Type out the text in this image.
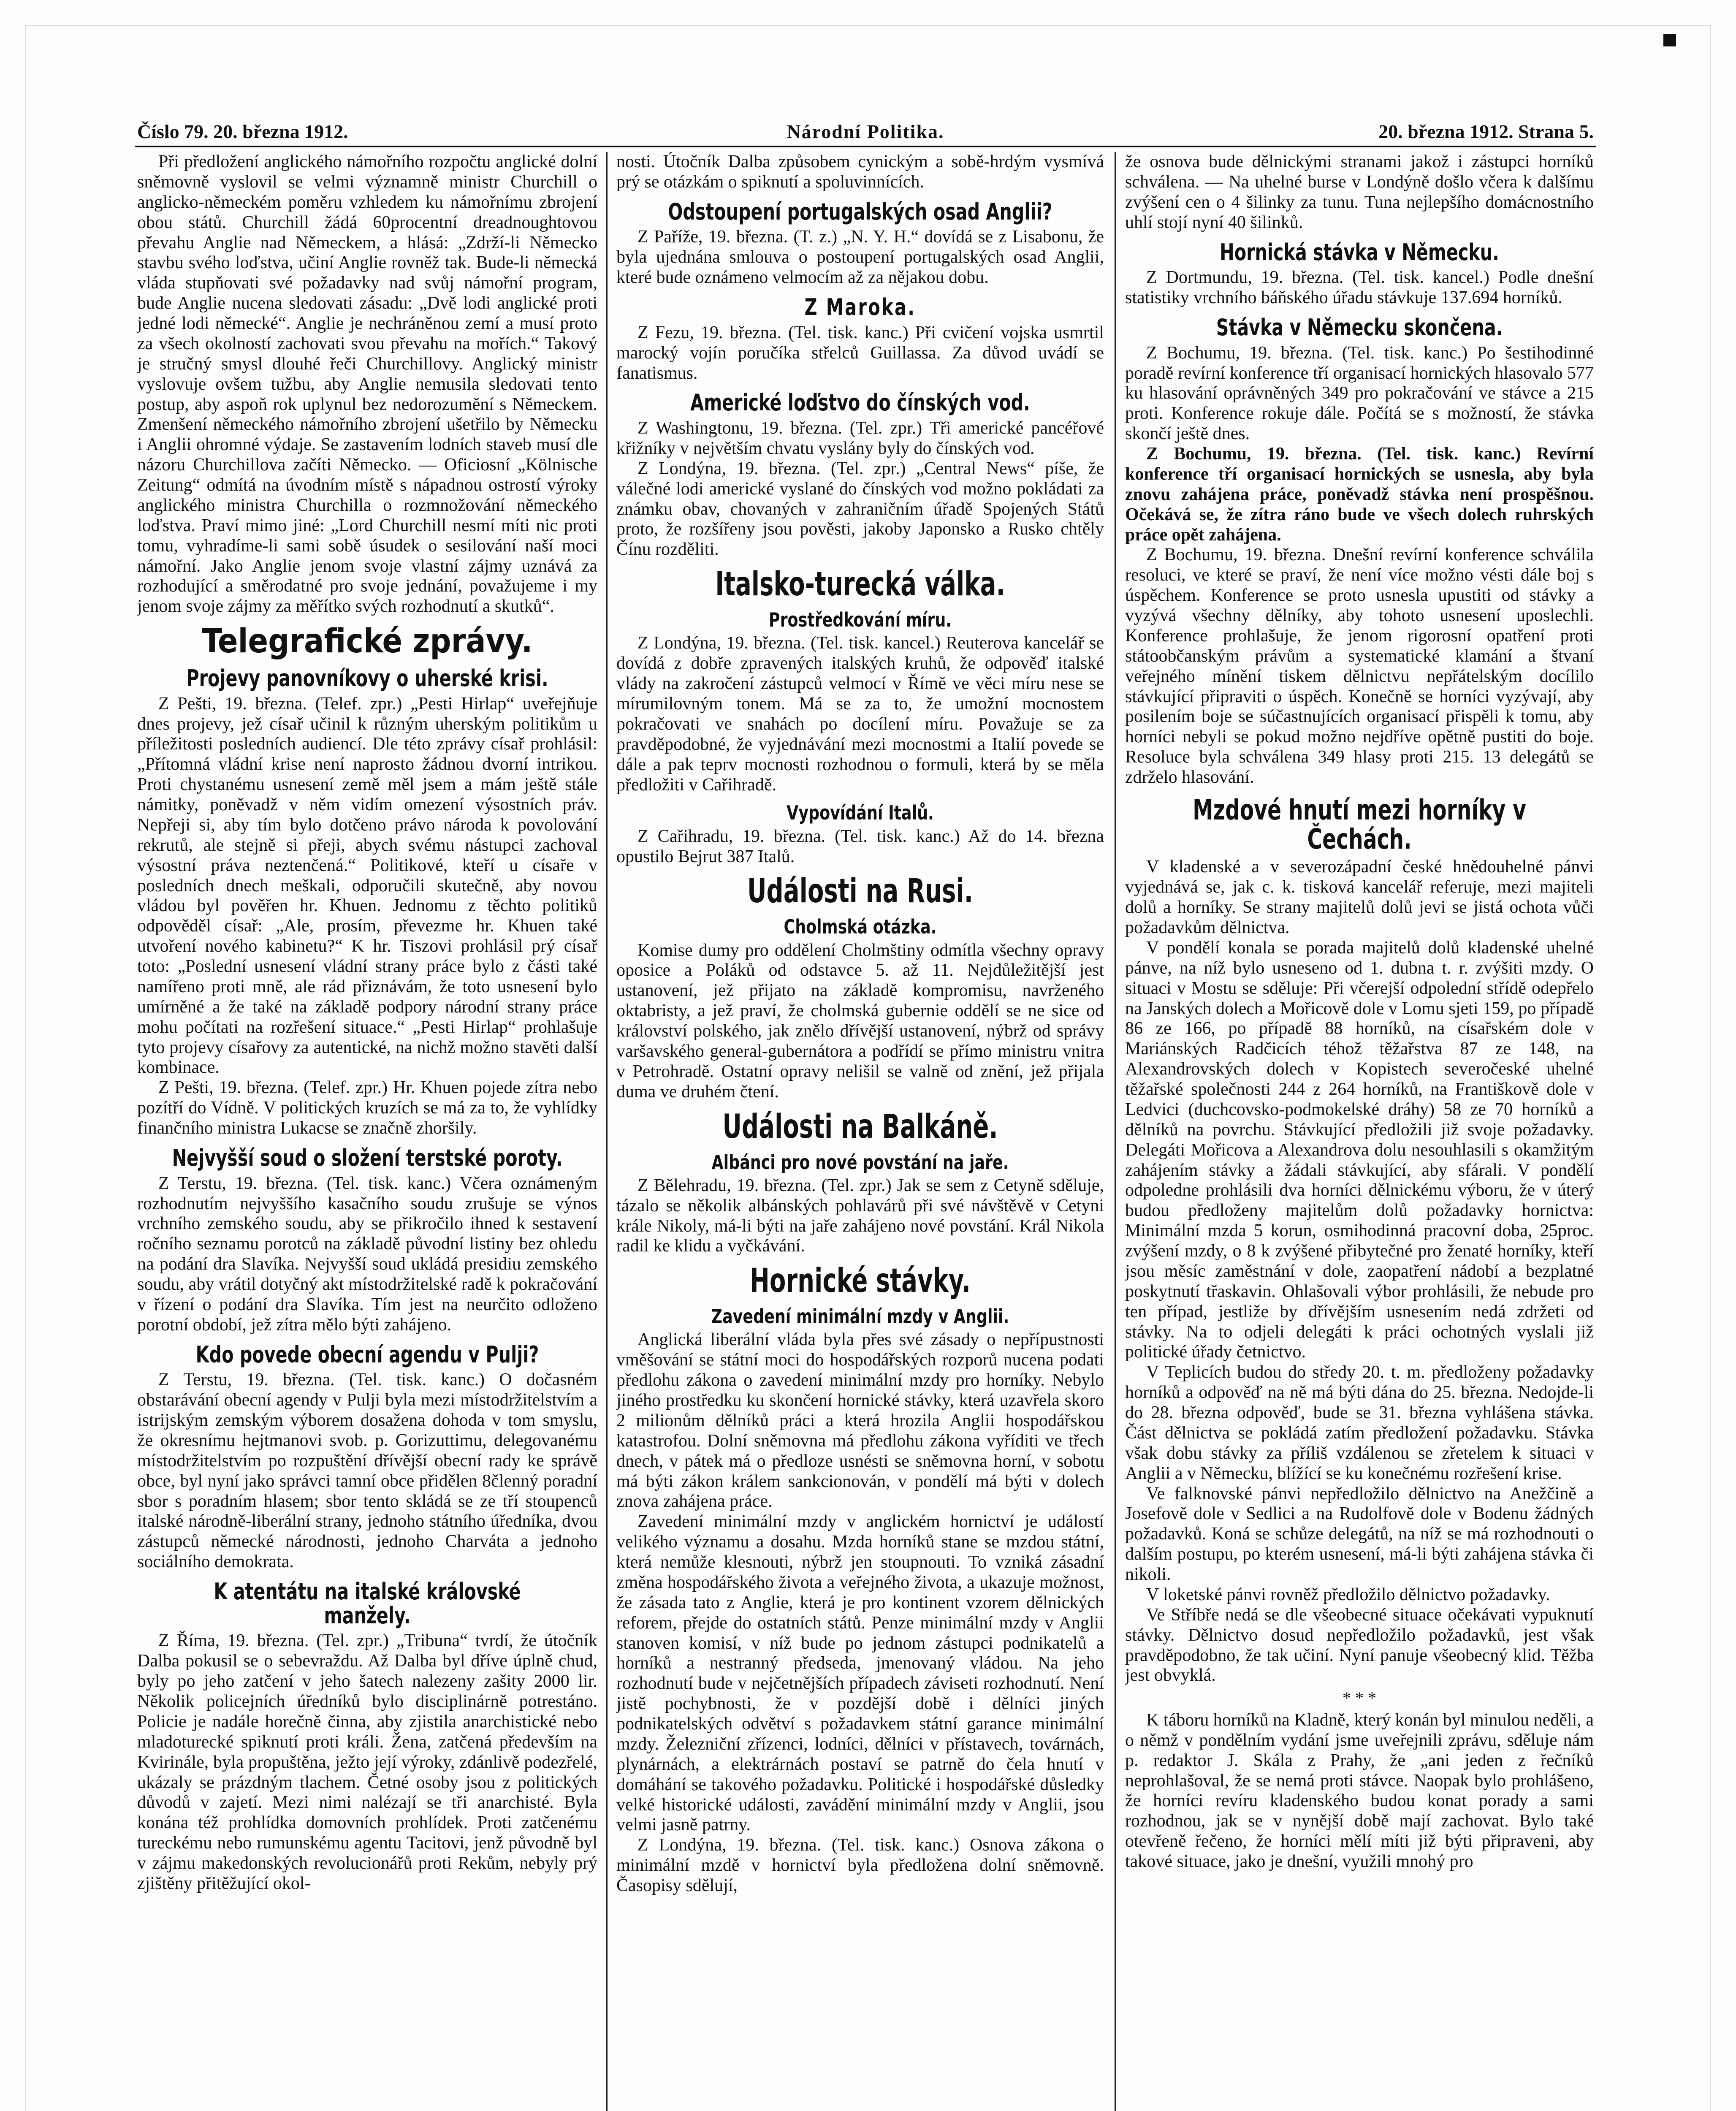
Číslo 79. 20. března 1912.	Národní Politika.	20. března 1912. Strana 5.

Při předložení anglického námořního rozpočtu anglické dolní sněmovně vyslovil se velmi významně ministr Churchill o anglicko-německém poměru vzhledem ku námořnímu zbrojení obou států. Churchill žádá 60procentní dreadnoughtovou převahu Anglie nad Německem, a hlásá: „Zdrží-li Německo stavbu svého loďstva, učiní Anglie rovněž tak. Bude-li německá vláda stupňovati své požadavky nad svůj námořní program, bude Anglie nucena sledovati zásadu: „Dvě lodi anglické proti jedné lodi německé“. Anglie je nechráněnou zemí a musí proto za všech okolností zachovati svou převahu na mořích.“ Takový je stručný smysl dlouhé řeči Churchillovy. Anglický ministr vyslovuje ovšem tužbu, aby Anglie nemusila sledovati tento postup, aby aspoň rok uplynul bez nedorozumění s Německem. Zmenšení německého námořního zbrojení ušetřilo by Německu i Anglii ohromné výdaje. Se zastavením lodních staveb musí dle názoru Churchillova začíti Německo. — Oficiosní „Kölnische Zeitung“ odmítá na úvodním místě s nápadnou ostrostí výroky anglického ministra Churchilla o rozmnožování německého loďstva. Praví mimo jiné: „Lord Churchill nesmí míti nic proti tomu, vyhradíme-li sami sobě úsudek o sesilování naší moci námořní. Jako Anglie jenom svoje vlastní zájmy uznává za rozhodující a směrodatné pro svoje jednání, považujeme i my jenom svoje zájmy za měřítko svých rozhodnutí a skutků“.

Telegrafické zprávy.
Projevy panovníkovy o uherské krisi.

Z Pešti, 19. března. (Telef. zpr.) „Pesti Hirlap“ uveřejňuje dnes projevy, jež císař učinil k různým uherským politikům u příležitosti posledních audiencí. Dle této zprávy císař prohlásil: „Přítomná vládní krise není naprosto žádnou dvorní intrikou. Proti chystanému usnesení země měl jsem a mám ještě stále námitky, poněvadž v něm vidím omezení výsostních práv. Nepřeji si, aby tím bylo dotčeno právo národa k povolování rekrutů, ale stejně si přeji, abych svému nástupci zachoval výsostní práva neztenčená.“ Politikové, kteří u císaře v posledních dnech meškali, odporučili skutečně, aby novou vládou byl pověřen hr. Khuen. Jednomu z těchto politiků odpověděl císař: „Ale, prosím, převezme hr. Khuen také utvoření nového kabinetu?“ K hr. Tiszovi prohlásil prý císař toto: „Poslední usnesení vládní strany práce bylo z části také namířeno proti mně, ale rád přiznávám, že toto usnesení bylo umírněné a že také na základě podpory národní strany práce mohu počítati na rozřešení situace.“ „Pesti Hirlap“ prohlašuje tyto projevy císařovy za autentické, na nichž možno stavěti další kombinace.

Z Pešti, 19. března. (Telef. zpr.) Hr. Khuen pojede zítra nebo pozítří do Vídně. V politických kruzích se má za to, že vyhlídky finančního ministra Lukacse se značně zhoršily.

Nejvyšší soud o složení terstské poroty.

Z Terstu, 19. března. (Tel. tisk. kanc.) Včera oznámeným rozhodnutím nejvyššího kasačního soudu zrušuje se výnos vrchního zemského soudu, aby se přikročilo ihned k sestavení ročního seznamu porotců na základě původní listiny bez ohledu na podání dra Slavíka. Nejvyšší soud ukládá presidiu zemského soudu, aby vrátil dotyčný akt místodržitelské radě k pokračování v řízení o podání dra Slavíka. Tím jest na neurčito odloženo porotní období, jež zítra mělo býti zahájeno.

Kdo povede obecní agendu v Pulji?

Z Terstu, 19. března. (Tel. tisk. kanc.) O dočasném obstarávání obecní agendy v Pulji byla mezi místodržitelstvím a istrijským zemským výborem dosažena dohoda v tom smyslu, že okresnímu hejtmanovi svob. p. Gorizuttimu, delegovanému místodržitelstvím po rozpuštění dřívější obecní rady ke správě obce, byl nyní jako správci tamní obce přidělen 8členný poradní sbor s poradním hlasem; sbor tento skládá se ze tří stoupenců italské národně-liberální strany, jednoho státního úředníka, dvou zástupců německé národnosti, jednoho Charváta a jednoho sociálního demokrata.

K atentátu na italské královské manžely.

Z Říma, 19. března. (Tel. zpr.) „Tribuna“ tvrdí, že útočník Dalba pokusil se o sebevraždu. Až Dalba byl dříve úplně chud, byly po jeho zatčení v jeho šatech nalezeny zašity 2000 lir. Několik policejních úředníků bylo disciplinárně potrestáno. Policie je nadále horečně činna, aby zjistila anarchistické nebo mladoturecké spiknutí proti králi. Žena, zatčená především na Kvirinále, byla propuštěna, ježto její výroky, zdánlivě podezřelé, ukázaly se prázdným tlachem. Četné osoby jsou z politických důvodů v zajetí. Mezi nimi nalézají se tři anarchisté. Byla konána též prohlídka domovních prohlídek. Proti zatčenému tureckému nebo rumunskému agentu Tacitovi, jenž původně byl v zájmu makedonských revolucionářů proti Rekům, nebyly prý zjištěny přitěžující okol-

nosti. Útočník Dalba způsobem cynickým a sobě-hrdým vysmívá prý se otázkám o spiknutí a spoluvinnících.

Odstoupení portugalských osad Anglii?

Z Paříže, 19. března. (T. z.) „N. Y. H.“ dovídá se z Lisabonu, že byla ujednána smlouva o postoupení portugalských osad Anglii, které bude oznámeno velmocím až za nějakou dobu.

Z Maroka.

Z Fezu, 19. března. (Tel. tisk. kanc.) Při cvičení vojska usmrtil marocký vojín poručíka střelců Guillassa. Za důvod uvádí se fanatismus.

Americké loďstvo do čínských vod.

Z Washingtonu, 19. března. (Tel. zpr.) Tři americké pancéřové křižníky v největším chvatu vyslány byly do čínských vod.

Z Londýna, 19. března. (Tel. zpr.) „Central News“ píše, že válečné lodi americké vyslané do čínských vod možno pokládati za známku obav, chovaných v zahraničním úřadě Spojených Států proto, že rozšířeny jsou pověsti, jakoby Japonsko a Rusko chtěly Čínu rozděliti.

Italsko-turecká válka.
Prostředkování míru.

Z Londýna, 19. března. (Tel. tisk. kancel.) Reuterova kancelář se dovídá z dobře zpravených italských kruhů, že odpověď italské vlády na zakročení zástupců velmocí v Římě ve věci míru nese se mírumilovným tonem. Má se za to, že umožní mocnostem pokračovati ve snahách po docílení míru. Považuje se za pravděpodobné, že vyjednávání mezi mocnostmi a Italií povede se dále a pak teprv mocnosti rozhodnou o formuli, která by se měla předložiti v Cařihradě.

Vypovídání Italů.

Z Cařihradu, 19. března. (Tel. tisk. kanc.) Až do 14. března opustilo Bejrut 387 Italů.

Události na Rusi.
Cholmská otázka.

Komise dumy pro oddělení Cholmštiny odmítla všechny opravy oposice a Poláků od odstavce 5. až 11. Nejdůležitější jest ustanovení, jež přijato na základě kompromisu, navrženého oktabristy, a jež praví, že cholmská gubernie oddělí se ne sice od království polského, jak znělo dřívější ustanovení, nýbrž od správy varšavského general-gubernátora a podřídí se přímo ministru vnitra v Petrohradě. Ostatní opravy nelišil se valně od znění, jež přijala duma ve druhém čtení.

Události na Balkáně.
Albánci pro nové povstání na jaře.

Z Bělehradu, 19. března. (Tel. zpr.) Jak se sem z Cetyně sděluje, tázalo se několik albánských pohlavárů při své návštěvě v Cetyni krále Nikoly, má-li býti na jaře zahájeno nové povstání. Král Nikola radil ke klidu a vyčkávání.

Hornické stávky.
Zavedení minimální mzdy v Anglii.

Anglická liberální vláda byla přes své zásady o nepřípustnosti vměšování se státní moci do hospodářských rozporů nucena podati předlohu zákona o zavedení minimální mzdy pro horníky. Nebylo jiného prostředku ku skončení hornické stávky, která uzavřela skoro 2 milionům dělníků práci a která hrozila Anglii hospodářskou katastrofou. Dolní sněmovna má předlohu zákona vyříditi ve třech dnech, v pátek má o předloze usnésti se sněmovna horní, v sobotu má býti zákon králem sankcionován, v pondělí má býti v dolech znova zahájena práce.

Zavedení minimální mzdy v anglickém hornictví je událostí velikého významu a dosahu. Mzda horníků stane se mzdou státní, která nemůže klesnouti, nýbrž jen stoupnouti. To vzniká zásadní změna hospodářského života a veřejného života, a ukazuje možnost, že zásada tato z Anglie, která je pro kontinent vzorem dělnických reforem, přejde do ostatních států. Penze minimální mzdy v Anglii stanoven komisí, v níž bude po jednom zástupci podnikatelů a horníků a nestranný předseda, jmenovaný vládou. Na jeho rozhodnutí bude v nejčetnějších případech záviseti rozhodnutí. Není jistě pochybnosti, že v pozdější době i dělníci jiných podnikatelských odvětví s požadavkem státní garance minimální mzdy. Železniční zřízenci, lodníci, dělníci v přístavech, továrnách, plynárnách, a elektrárnách postaví se patrně do čela hnutí v domáhání se takového požadavku. Politické i hospodářské důsledky velké historické události, zavádění minimální mzdy v Anglii, jsou velmi jasně patrny.

Z Londýna, 19. března. (Tel. tisk. kanc.) Osnova zákona o minimální mzdě v hornictví byla předložena dolní sněmovně. Časopisy sdělují,

že osnova bude dělnickými stranami jakož i zástupci horníků schválena. — Na uhelné burse v Londýně došlo včera k dalšímu zvýšení cen o 4 šilinky za tunu. Tuna nejlepšího domácnostního uhlí stojí nyní 40 šilinků.

Hornická stávka v Německu.

Z Dortmundu, 19. března. (Tel. tisk. kancel.) Podle dnešní statistiky vrchního báňského úřadu stávkuje 137.694 horníků.

Stávka v Německu skončena.

Z Bochumu, 19. března. (Tel. tisk. kanc.) Po šestihodinné poradě revírní konference tří organisací hornických hlasovalo 577 ku hlasování oprávněných 349 pro pokračování ve stávce a 215 proti. Konference rokuje dále. Počítá se s možností, že stávka skončí ještě dnes.

Z Bochumu, 19. března. (Tel. tisk. kanc.) Revírní konference tří organisací hornických se usnesla, aby byla znovu zahájena práce, poněvadž stávka není prospěšnou. Očekává se, že zítra ráno bude ve všech dolech ruhrských práce opět zahájena.

Z Bochumu, 19. března. Dnešní revírní konference schválila resoluci, ve které se praví, že není více možno vésti dále boj s úspěchem. Konference se proto usnesla upustiti od stávky a vyzývá všechny dělníky, aby tohoto usnesení uposlechli. Konference prohlašuje, že jenom rigorosní opatření proti státoobčanským právům a systematické klamání a štvaní veřejného mínění tiskem dělnictvu nepřátelským docílilo stávkující připraviti o úspěch. Konečně se horníci vyzývají, aby posilením boje se súčastnujících organisací přispěli k tomu, aby horníci nebyli se pokud možno nejdříve opětně pustiti do boje. Resoluce byla schválena 349 hlasy proti 215. 13 delegátů se zdrželo hlasování.

Mzdové hnutí mezi horníky v Čechách.

V kladenské a v severozápadní české hnědouhelné pánvi vyjednává se, jak c. k. tisková kancelář referuje, mezi majiteli dolů a horníky. Se strany majitelů dolů jevi se jistá ochota vůči požadavkům dělnictva.

V pondělí konala se porada majitelů dolů kladenské uhelné pánve, na níž bylo usneseno od 1. dubna t. r. zvýšiti mzdy. O situaci v Mostu se sděluje: Při včerejší odpolední střídě odepřelo na Janských dolech a Mořicově dole v Lomu sjeti 159, po případě 86 ze 166, po případě 88 horníků, na císařském dole v Mariánských Radčicích téhož těžařstva 87 ze 148, na Alexandrovských dolech v Kopistech severočeské uhelné těžařské společnosti 244 z 264 horníků, na Františkově dole v Ledvici (duchcovsko-podmokelské dráhy) 58 ze 70 horníků a dělníků na povrchu. Stávkující předložili již svoje požadavky. Delegáti Mořicova a Alexandrova dolu nesouhlasili s okamžitým zahájením stávky a žádali stávkující, aby sfárali. V pondělí odpoledne prohlásili dva horníci dělnickému výboru, že v úterý budou předloženy majitelům dolů požadavky hornictva: Minimální mzda 5 korun, osmihodinná pracovní doba, 25proc. zvýšení mzdy, o 8 k zvýšené přibytečné pro ženaté horníky, kteří jsou měsíc zaměstnání v dole, zaopatření nádobí a bezplatné poskytnutí třaskavin. Ohlašovali výbor prohlásili, že nebude pro ten případ, jestliže by dřívějším usnesením nedá zdržeti od stávky. Na to odjeli delegáti k práci ochotných vyslali již politické úřady četnictvo.

V Teplicích budou do středy 20. t. m. předloženy požadavky horníků a odpověď na ně má býti dána do 25. března. Nedojde-li do 28. března odpověď, bude se 31. března vyhlášena stávka. Část dělnictva se pokládá zatím předložení požadavku. Stávka však dobu stávky za příliš vzdálenou se zřetelem k situaci v Anglii a v Německu, blížící se ku konečnému rozřešení krise.

Ve falknovské pánvi nepředložilo dělnictvo na Anežčině a Josefově dole v Sedlici a na Rudolfově dole v Bodenu žádných požadavků. Koná se schůze delegátů, na níž se má rozhodnouti o dalším postupu, po kterém usnesení, má-li býti zahájena stávka či nikoli.

V loketské pánvi rovněž předložilo dělnictvo požadavky.

Ve Stříbře nedá se dle všeobecné situace očekávati vypuknutí stávky. Dělnictvo dosud nepředložilo požadavků, jest však pravděpodobno, že tak učiní. Nyní panuje všeobecný klid. Těžba jest obvyklá.

* * *

K táboru horníků na Kladně, který konán byl minulou neděli, a o němž v pondělním vydání jsme uveřejnili zprávu, sděluje nám p. redaktor J. Skála z Prahy, že „ani jeden z řečníků neprohlašoval, že se nemá proti stávce. Naopak bylo prohlášeno, že horníci revíru kladenského budou konat porady a sami rozhodnou, jak se v nynější době mají zachovat. Bylo také otevřeně řečeno, že horníci mělí míti již býti připraveni, aby takové situace, jako je dnešní, využili mnohý pro
